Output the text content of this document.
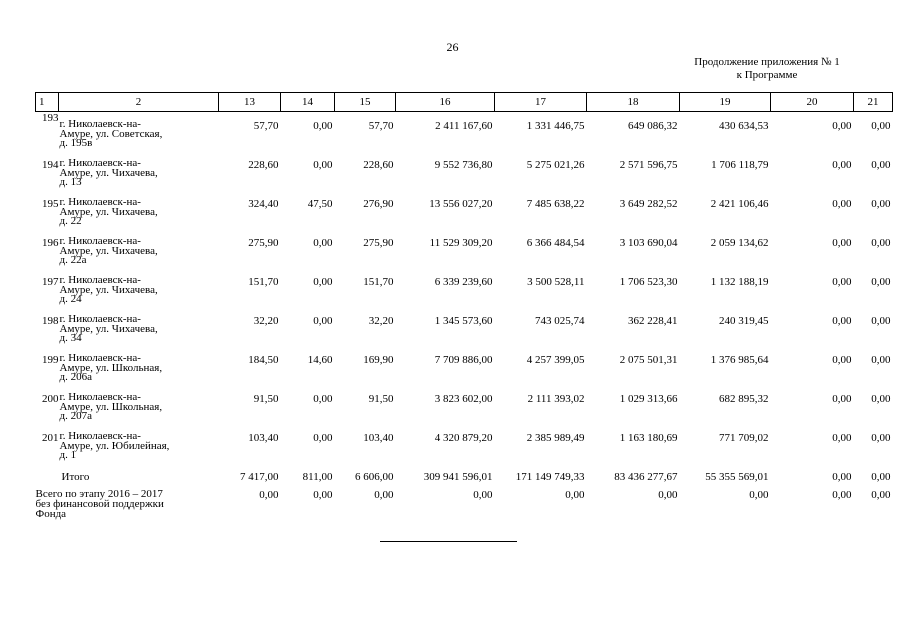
26
Продолжение приложения № 1
к Программе
1	2	13	14	15	16	17	18	19	20	21
193	г. Николаевск-на-
Амуре, ул. Советская,
д. 195в	57,70	0,00	57,70	2 411 167,60	1 331 446,75	649 086,32	430 634,53	0,00	0,00
194	г. Николаевск-на-
Амуре, ул. Чихачева,
д. 13	228,60	0,00	228,60	9 552 736,80	5 275 021,26	2 571 596,75	1 706 118,79	0,00	0,00
195	г. Николаевск-на-
Амуре, ул. Чихачева,
д. 22	324,40	47,50	276,90	13 556 027,20	7 485 638,22	3 649 282,52	2 421 106,46	0,00	0,00
196	г. Николаевск-на-
Амуре, ул. Чихачева,
д. 22а	275,90	0,00	275,90	11 529 309,20	6 366 484,54	3 103 690,04	2 059 134,62	0,00	0,00
197	г. Николаевск-на-
Амуре, ул. Чихачева,
д. 24	151,70	0,00	151,70	6 339 239,60	3 500 528,11	1 706 523,30	1 132 188,19	0,00	0,00
198	г. Николаевск-на-
Амуре, ул. Чихачева,
д. 34	32,20	0,00	32,20	1 345 573,60	743 025,74	362 228,41	240 319,45	0,00	0,00
199	г. Николаевск-на-
Амуре, ул. Школьная,
д. 206а	184,50	14,60	169,90	7 709 886,00	4 257 399,05	2 075 501,31	1 376 985,64	0,00	0,00
200	г. Николаевск-на-
Амуре, ул. Школьная,
д. 207а	91,50	0,00	91,50	3 823 602,00	2 111 393,02	1 029 313,66	682 895,32	0,00	0,00
201	г. Николаевск-на-
Амуре, ул. Юбилейная,
д. 1	103,40	0,00	103,40	4 320 879,20	2 385 989,49	1 163 180,69	771 709,02	0,00	0,00
	Итого	7 417,00	811,00	6 606,00	309 941 596,01	171 149 749,33	83 436 277,67	55 355 569,01	0,00	0,00

Всего по этапу 2016 – 2017
без финансовой поддержки
Фонда		0,00	0,00	0,00	0,00	0,00	0,00	0,00	0,00	0,00
